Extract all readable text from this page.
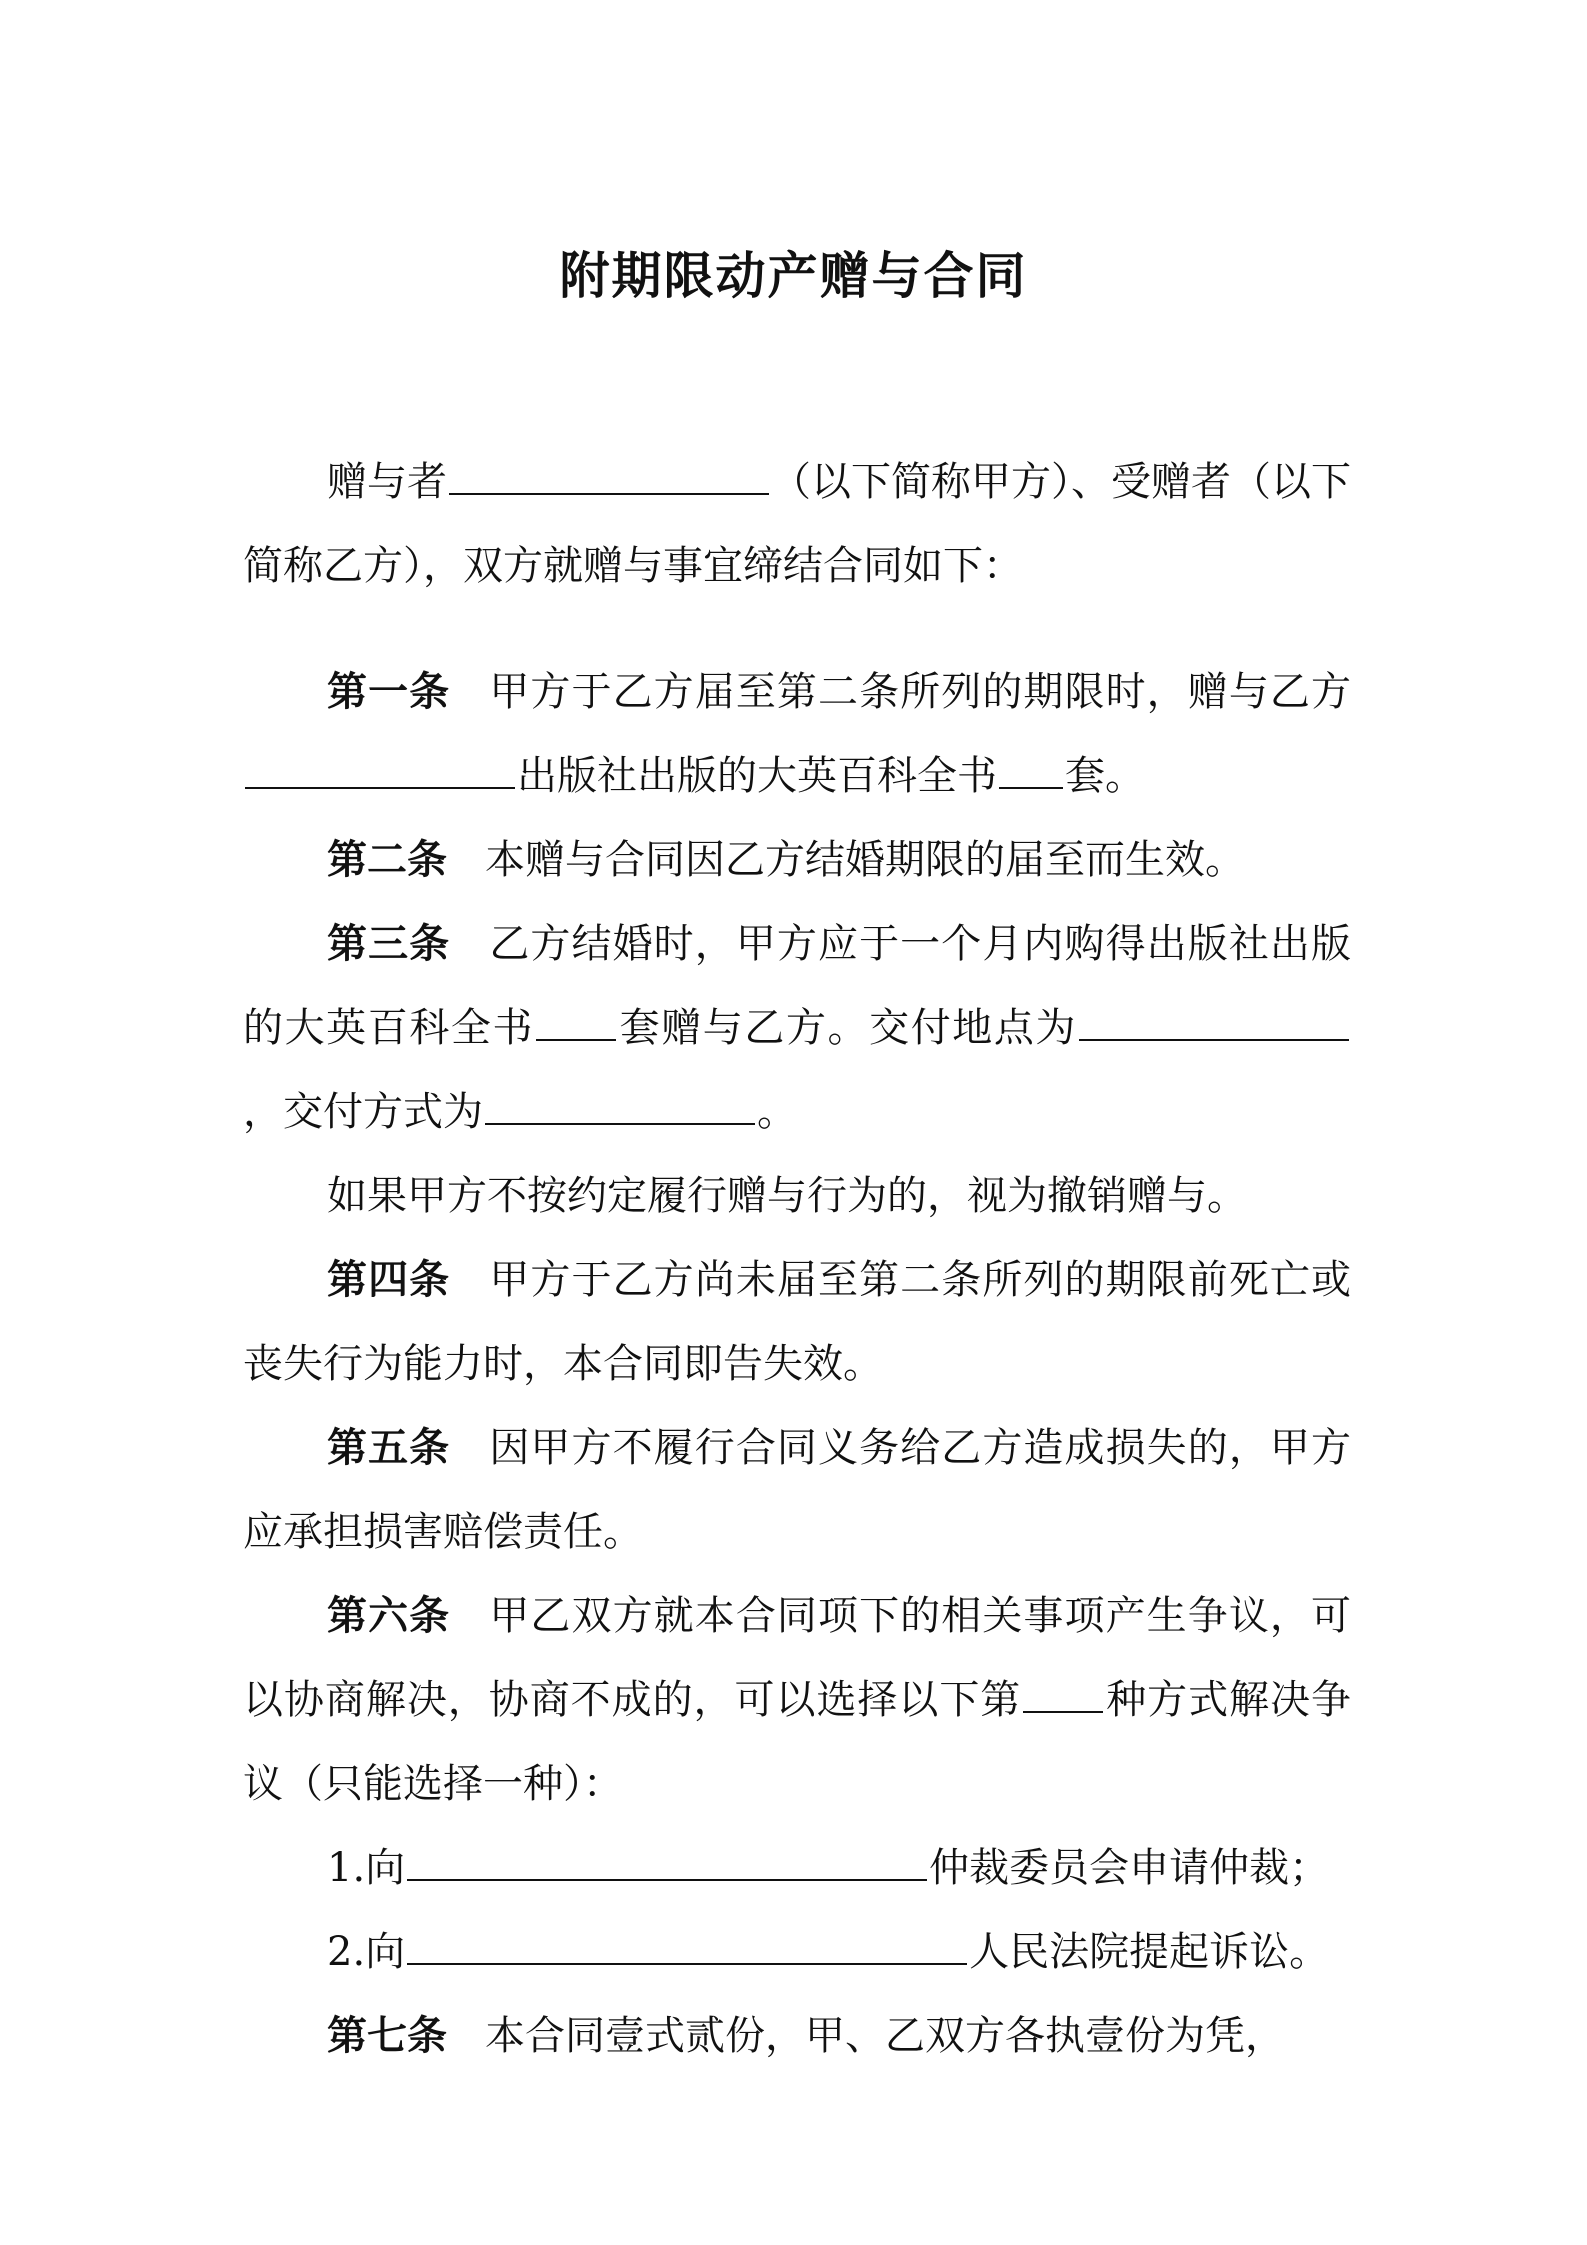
附期限动产赠与合同

赠与者	（以下简称甲方）、受赠者（以下简称乙方），双方就赠与事宜缔结合同如下：

第一条 甲方于乙方届至第二条所列的期限时，赠与乙方出版社出版的大英百科全书 套。

第二条 本赠与合同因乙方结婚期限的届至而生效。

第三条 乙方结婚时，甲方应于一个月内购得出版社出版的大英百科全书 套赠与乙方。交付地点为，交付方式为	。

如果甲方不按约定履行赠与行为的，视为撤销赠与。

第四条 甲方于乙方尚未届至第二条所列的期限前死亡或丧失行为能力时，本合同即告失效。

第五条 因甲方不履行合同义务给乙方造成损失的，甲方应承担损害赔偿责任。

第六条 甲乙双方就本合同项下的相关事项产生争议，可以协商解决，协商不成的，可以选择以下第 种方式解决争议（只能选择一种）：

1.向	仲裁委员会申请仲裁；

2.向	人民法院提起诉讼。

第七条 本合同壹式贰份，甲、乙双方各执壹份为凭，
